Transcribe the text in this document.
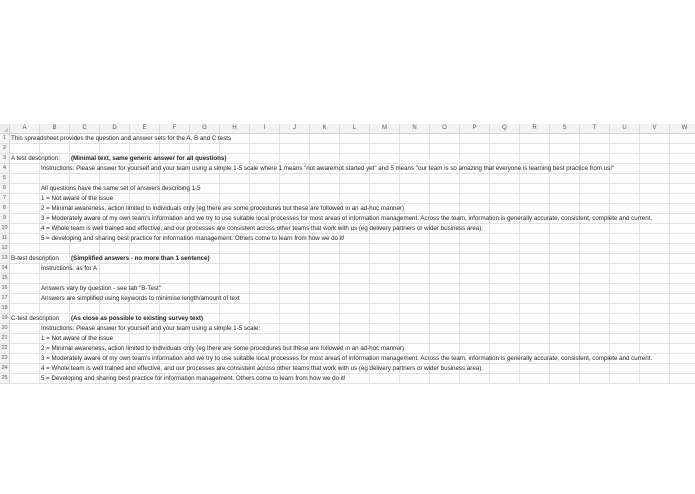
A	B	C	D	E	F	G	H	I	J	K	L	M	N	O	P	Q	R	S	T	U	V	W
1 This spreadsheet provides the question and answer sets for the A, B and C tests
2
3 A test description: (Minimal text, same generic answer for all questions)
4	Instructions: Please answer for yourself and your team using a simple 1-5 scale where 1 means "not aware/not started yet" and 5 means "our team is so amazing that everyone is learning best practice from us!"
5
6	All questions have the same set of answers describing 1-5
7	1 = Not aware of the issue
8	2 = Minimal awareness, action limited to individuals only (eg there are some procedures but these are followed in an ad-hoc manner)
9	3 = Moderately aware of my own team's information and we try to use suitable local processes for most areas of information management. Across the team, information is generally accurate, consistent, complete and current.
10	4 = Whole team is well trained and effective, and our processes are consistent across other teams that work with us (eg delivery partners or wider business area).
11	5 = developing and sharing best practice for information management. Others come to learn from how we do it!
12
13 B-test description (Simplified answers - no more than 1 sentence)
14	Instructions: as for A
15
16	Answers vary by question - see tab "B-Test"
17	Answers are simplified using keywords to minimise length/amount of text
18
19 C-test description (As close as possible to existing survey text)
20	Instructions: Please answer for yourself and your team using a simple 1-5 scale:
21	1 = Not aware of the issue
22	2 = Minimal awareness, action limited to individuals only (eg there are some procedures but these are followed in an ad-hoc manner)
23	3 = Moderately aware of my own team's information and we try to use suitable local processes for most areas of information management. Across the team, information is generally accurate, consistent, complete and current.
24	4 = Whole team is well trained and effective, and our processes are consistent across other teams that work with us (eg delivery partners or wider business area).
25	5 = Developing and sharing best practice for information management. Others come to learn from how we do it!
